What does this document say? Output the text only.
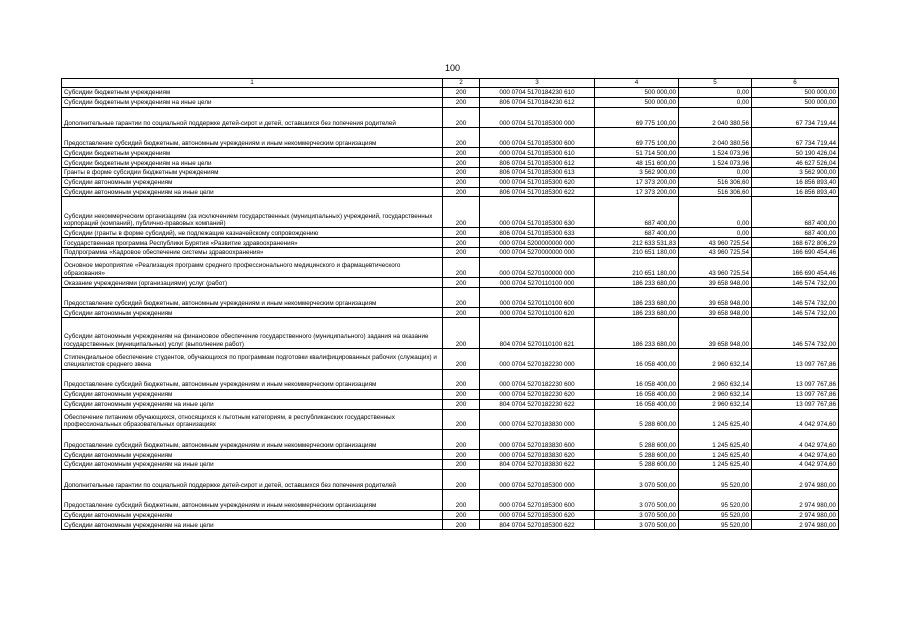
100
1	2	3	4	5	6
Субсидии бюджетным учреждениям	200	000 0704 5170184230 610	500 000,00	0,00	500 000,00
Субсидии бюджетным учреждениям на иные цели	200	806 0704 5170184230 612	500 000,00	0,00	500 000,00
Дополнительные гарантии по социальной поддержке детей-сирот и детей, оставшихся без попечения родителей	200	000 0704 5170185300 000	69 775 100,00	2 040 380,56	67 734 719,44
Предоставление субсидий бюджетным, автономным учреждениям и иным некоммерческим организациям	200	000 0704 5170185300 600	69 775 100,00	2 040 380,56	67 734 719,44
Субсидии бюджетным учреждениям	200	000 0704 5170185300 610	51 714 500,00	1 524 073,96	50 190 426,04
Субсидии бюджетным учреждениям на иные цели	200	806 0704 5170185300 612	48 151 600,00	1 524 073,96	46 627 526,04
Гранты в форме субсидии бюджетным учреждениям	200	806 0704 5170185300 613	3 562 900,00	0,00	3 562 900,00
Субсидии автономным учреждениям	200	000 0704 5170185300 620	17 373 200,00	516 306,60	16 856 893,40
Субсидии автономным учреждениям на иные цели	200	806 0704 5170185300 622	17 373 200,00	516 306,60	16 856 893,40
Субсидии некоммерческим организациям (за исключением государственных (муниципальных) учреждений, государственных корпораций (компаний), публично-правовых компаний)	200	000 0704 5170185300 630	687 400,00	0,00	687 400,00
Субсидии (гранты в форме субсидий), не подлежащие казначейскому сопровождению	200	806 0704 5170185300 633	687 400,00	0,00	687 400,00
Государственная программа Республики Бурятия «Развитие здравоохранения»	200	000 0704 5200000000 000	212 633 531,83	43 960 725,54	168 672 806,29
Подпрограмма «Кадровое обеспечение системы здравоохранения»	200	000 0704 5270000000 000	210 651 180,00	43 960 725,54	166 690 454,46
Основное мероприятие «Реализация программ среднего профессионального медицинского и фармацевтического образования»	200	000 0704 5270100000 000	210 651 180,00	43 960 725,54	166 690 454,46
Оказание учреждениями (организациями) услуг (работ)	200	000 0704 5270110100 000	186 233 680,00	39 658 948,00	146 574 732,00
Предоставление субсидий бюджетным, автономным учреждениям и иным некоммерческим организациям	200	000 0704 5270110100 600	186 233 680,00	39 658 948,00	146 574 732,00
Субсидии автономным учреждениям	200	000 0704 5270110100 620	186 233 680,00	39 658 948,00	146 574 732,00
Субсидии автономным учреждениям на финансовое обеспечение государственного (муниципального) задания на оказание государственных (муниципальных) услуг (выполнение работ)	200	804 0704 5270110100 621	186 233 680,00	39 658 948,00	146 574 732,00
Стипендиальное обеспечение студентов, обучающихся по программам подготовки квалифицированных рабочих (служащих) и специалистов среднего звена	200	000 0704 5270182230 000	16 058 400,00	2 960 632,14	13 097 767,86
Предоставление субсидий бюджетным, автономным учреждениям и иным некоммерческим организациям	200	000 0704 5270182230 600	16 058 400,00	2 960 632,14	13 097 767,86
Субсидии автономным учреждениям	200	000 0704 5270182230 620	16 058 400,00	2 960 632,14	13 097 767,86
Субсидии автономным учреждениям на иные цели	200	804 0704 5270182230 622	16 058 400,00	2 960 632,14	13 097 767,86
Обеспечение питанием обучающихся, относящихся к льготным категориям, в республиканских государственных профессиональных образовательных организациях	200	000 0704 5270183830 000	5 288 600,00	1 245 625,40	4 042 974,60
Предоставление субсидий бюджетным, автономным учреждениям и иным некоммерческим организациям	200	000 0704 5270183830 600	5 288 600,00	1 245 625,40	4 042 974,60
Субсидии автономным учреждениям	200	000 0704 5270183830 620	5 288 600,00	1 245 625,40	4 042 974,60
Субсидии автономным учреждениям на иные цели	200	804 0704 5270183830 622	5 288 600,00	1 245 625,40	4 042 974,60
Дополнительные гарантии по социальной поддержке детей-сирот и детей, оставшихся без попечения родителей	200	000 0704 5270185300 000	3 070 500,00	95 520,00	2 974 980,00
Предоставление субсидий бюджетным, автономным учреждениям и иным некоммерческим организациям	200	000 0704 5270185300 600	3 070 500,00	95 520,00	2 974 980,00
Субсидии автономным учреждениям	200	000 0704 5270185300 620	3 070 500,00	95 520,00	2 974 980,00
Субсидии автономным учреждениям на иные цели	200	804 0704 5270185300 622	3 070 500,00	95 520,00	2 974 980,00
